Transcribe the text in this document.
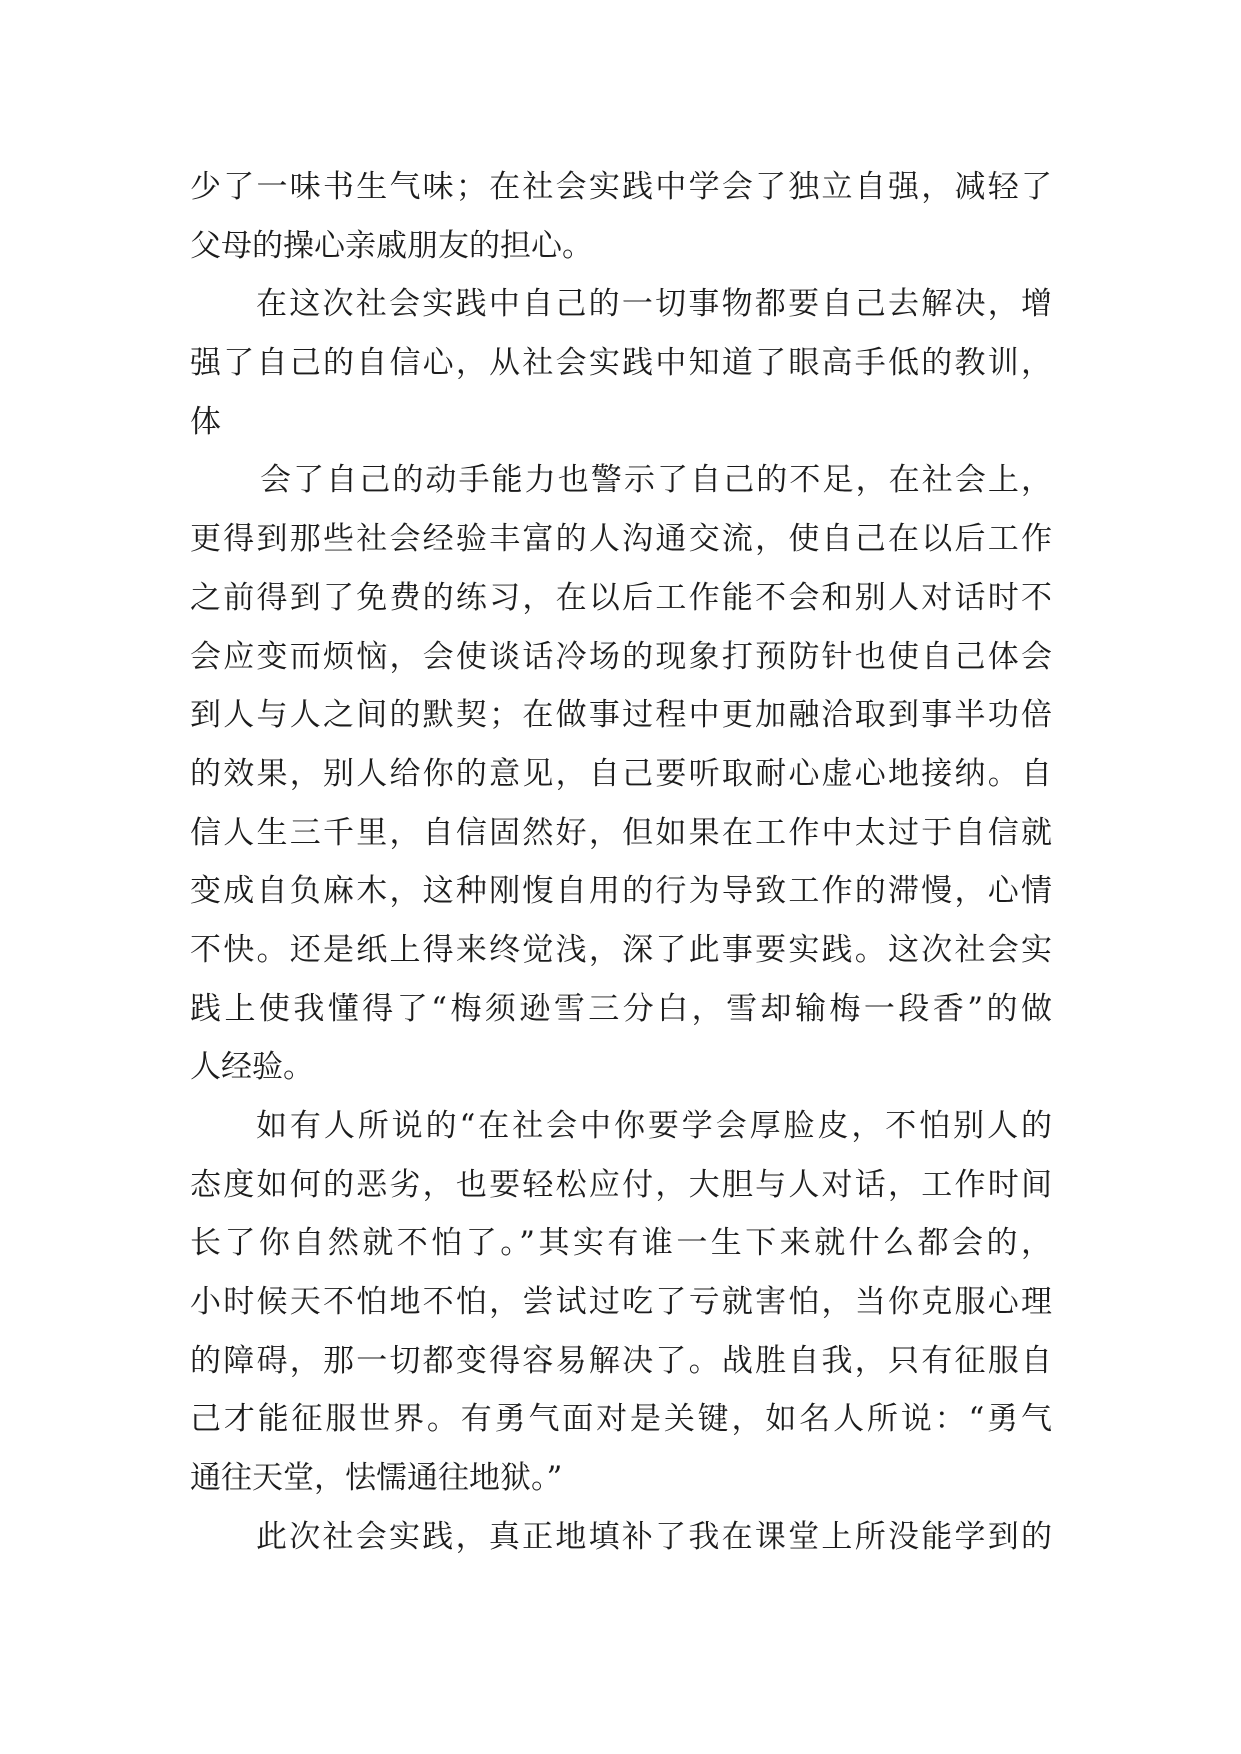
少了一味书生气味；在社会实践中学会了独立自强，减轻了
父母的操心亲戚朋友的担心。
在这次社会实践中自己的一切事物都要自己去解决，增
强了自己的自信心，从社会实践中知道了眼高手低的教训，
体
会了自己的动手能力也警示了自己的不足，在社会上，
更得到那些社会经验丰富的人沟通交流，使自己在以后工作
之前得到了免费的练习，在以后工作能不会和别人对话时不
会应变而烦恼，会使谈话冷场的现象打预防针也使自己体会
到人与人之间的默契；在做事过程中更加融洽取到事半功倍
的效果，别人给你的意见，自己要听取耐心虚心地接纳。自
信人生三千里，自信固然好，但如果在工作中太过于自信就
变成自负麻木，这种刚愎自用的行为导致工作的滞慢，心情
不快。还是纸上得来终觉浅，深了此事要实践。这次社会实
践上使我懂得了“梅须逊雪三分白，雪却输梅一段香”的做
人经验。
如有人所说的“在社会中你要学会厚脸皮，不怕别人的
态度如何的恶劣，也要轻松应付，大胆与人对话，工作时间
长了你自然就不怕了。”其实有谁一生下来就什么都会的，
小时候天不怕地不怕，尝试过吃了亏就害怕，当你克服心理
的障碍，那一切都变得容易解决了。战胜自我，只有征服自
己才能征服世界。有勇气面对是关键，如名人所说：“勇气
通往天堂，怯懦通往地狱。”
此次社会实践，真正地填补了我在课堂上所没能学到的
